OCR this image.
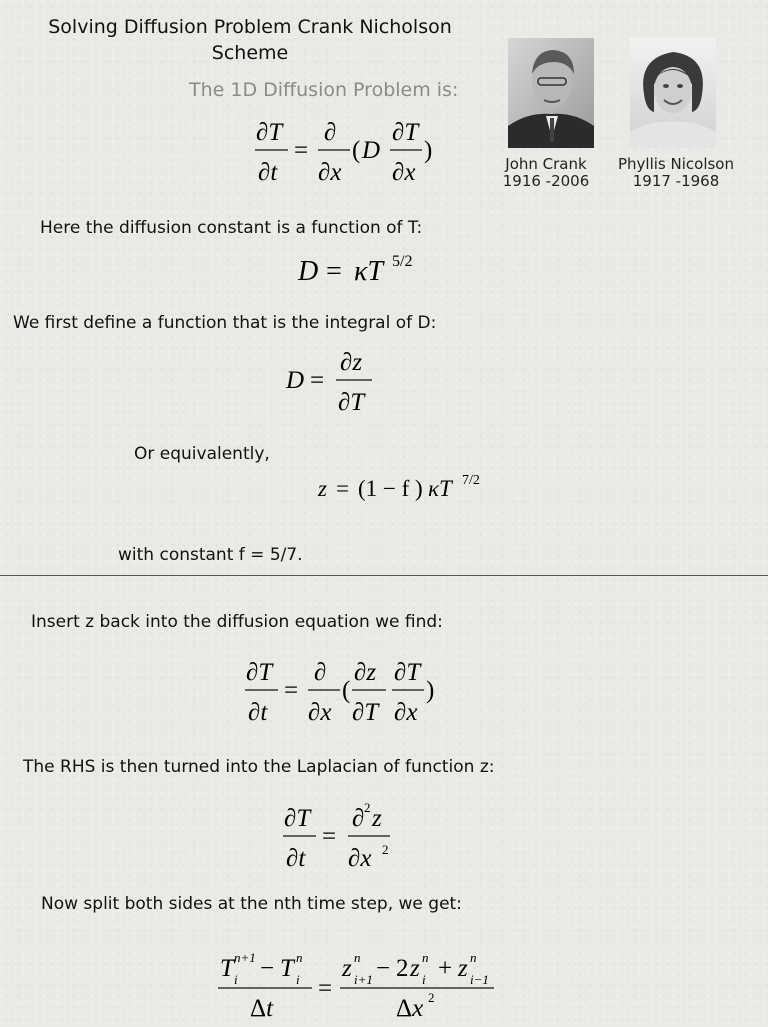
Solving Diffusion Problem Crank Nicholson
Scheme
The 1D Diffusion Problem is:
John Crank
1916 -2006
Phyllis Nicolson
1917 -1968
∂T
∂t
=
∂
∂x
( D
∂T
∂x
)
Here the diffusion constant is a function of T:
D = κT 5/2
We first define a function that is the integral of D:
D =
∂z
∂T
Or equivalently,
z = (1 − f ) κT 7/2
with constant f = 5/7.
Insert z back into the diffusion equation we find:
∂T
∂t
=
∂
∂x
(
∂z
∂T
∂T
∂x
)
The RHS is then turned into the Laplacian of function z:
∂T
∂t
=
∂ 2 z
∂x 2
Now split both sides at the nth time step, we get:
T n+1
i − T n
i
Δt
=
z n
i+1 − 2 z n
i + z n
i−1
Δx 2
